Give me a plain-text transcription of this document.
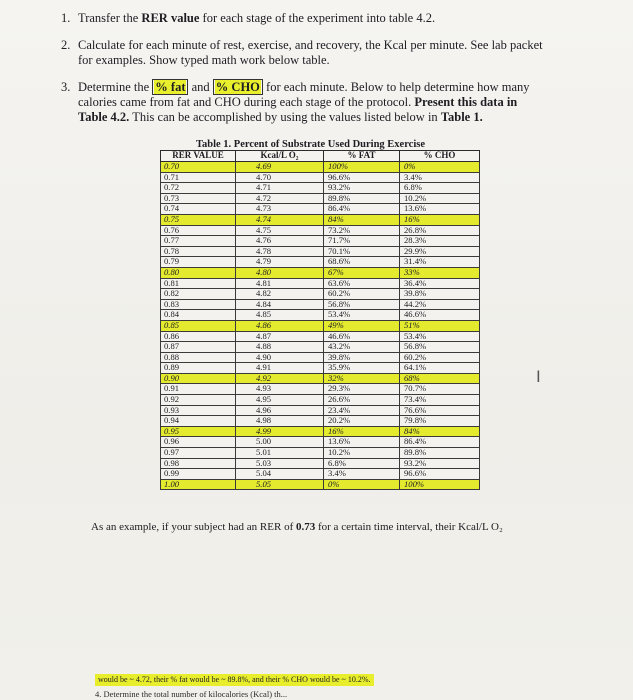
1. Transfer the RER value for each stage of the experiment into table 4.2.
2. Calculate for each minute of rest, exercise, and recovery, the Kcal per minute. See lab packet
for examples. Show typed math work below table.
3. Determine the % fat and % CHO for each minute. Below to help determine how many
calories came from fat and CHO during each stage of the protocol. Present this data in
Table 4.2. This can be accomplished by using the values listed below in Table 1.
Table 1. Percent of Substrate Used During Exercise
RER VALUE	Kcal/L O₂	% FAT	% CHO
0.70	4.69	100%	0%
0.71	4.70	96.6%	3.4%
0.72	4.71	93.2%	6.8%
0.73	4.72	89.8%	10.2%
0.74	4.73	86.4%	13.6%
0.75	4.74	84%	16%
0.76	4.75	73.2%	26.8%
0.77	4.76	71.7%	28.3%
0.78	4.78	70.1%	29.9%
0.79	4.79	68.6%	31.4%
0.80	4.80	67%	33%
0.81	4.81	63.6%	36.4%
0.82	4.82	60.2%	39.8%
0.83	4.84	56.8%	44.2%
0.84	4.85	53.4%	46.6%
0.85	4.86	49%	51%
0.86	4.87	46.6%	53.4%
0.87	4.88	43.2%	56.8%
0.88	4.90	39.8%	60.2%
0.89	4.91	35.9%	64.1%
0.90	4.92	32%	68%
0.91	4.93	29.3%	70.7%
0.92	4.95	26.6%	73.4%
0.93	4.96	23.4%	76.6%
0.94	4.98	20.2%	79.8%
0.95	4.99	16%	84%
0.96	5.00	13.6%	86.4%
0.97	5.01	10.2%	89.8%
0.98	5.03	6.8%	93.2%
0.99	5.04	3.4%	96.6%
1.00	5.05	0%	100%
As an example, if your subject had an RER of 0.73 for a certain time interval, their Kcal/L O₂
I
would be ~ 4.72, their % fat would be ~ 89.8%, and their % CHO would be ~ 10.2%.
4. Determine the total number of kilocalories (Kcal) th...
